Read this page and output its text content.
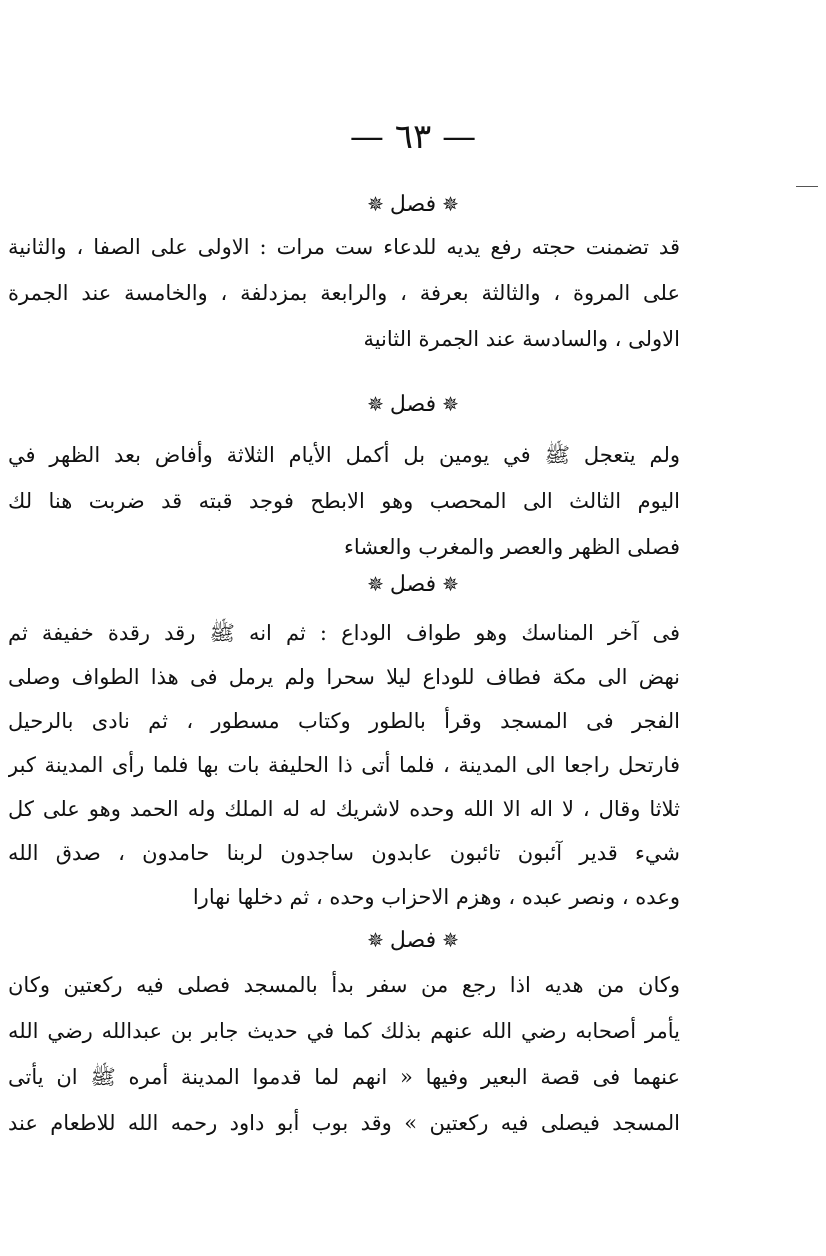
— ٦٣ —
✵فصل✵
قد تضمنت حجته رفع يديه للدعاء ست مرات : الاولى على الصفا ، والثانية
على المروة ، والثالثة بعرفة ، والرابعة بمزدلفة ، والخامسة عند الجمرة
الاولى ، والسادسة عند الجمرة الثانية
✵فصل✵
ولم يتعجل ﷺ في يومين بل أكمل الأيام الثلاثة وأفاض بعد الظهر في
اليوم الثالث الى المحصب وهو الابطح فوجد قبته قد ضربت هنا لك
فصلى الظهر والعصر والمغرب والعشاء
✵فصل✵
فى آخر المناسك وهو طواف الوداع : ثم انه ﷺ رقد رقدة خفيفة ثم
نهض الى مكة فطاف للوداع ليلا سحرا ولم يرمل فى هذا الطواف وصلى
الفجر فى المسجد وقرأ بالطور وكتاب مسطور ، ثم نادى بالرحيل
فارتحل راجعا الى المدينة ، فلما أتى ذا الحليفة بات بها فلما رأى المدينة كبر
ثلاثا وقال ، لا اله الا الله وحده لاشريك له له الملك وله الحمد وهو على كل
شيء قدير آئبون تائبون عابدون ساجدون لربنا حامدون ، صدق الله
وعده ، ونصر عبده ، وهزم الاحزاب وحده ، ثم دخلها نهارا
✵فصل✵
وكان من هديه اذا رجع من سفر بدأ بالمسجد فصلى فيه ركعتين وكان
يأمر أصحابه رضي الله عنهم بذلك كما في حديث جابر بن عبدالله رضي الله
عنهما فى قصة البعير وفيها « انهم لما قدموا المدينة أمره ﷺ ان يأتى
المسجد فيصلى فيه ركعتين » وقد بوب أبو داود رحمه الله للاطعام عند
